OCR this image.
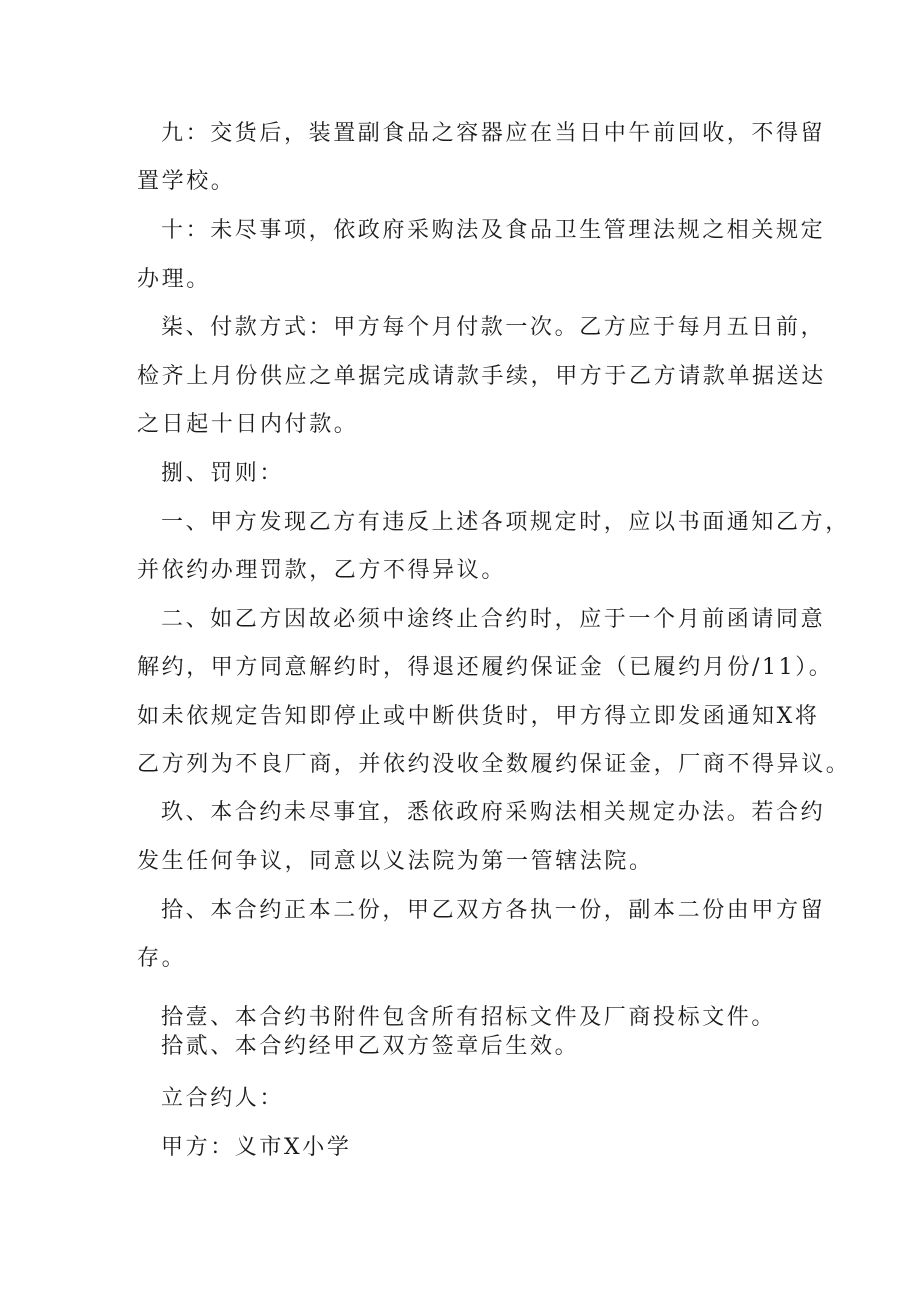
九：交货后，装置副食品之容器应在当日中午前回收，不得留
置学校。
十：未尽事项，依政府采购法及食品卫生管理法规之相关规定
办理。
柒、付款方式：甲方每个月付款一次。乙方应于每月五日前，
检齐上月份供应之单据完成请款手续，甲方于乙方请款单据送达
之日起十日内付款。
捌、罚则：
一、甲方发现乙方有违反上述各项规定时，应以书面通知乙方，
并依约办理罚款，乙方不得异议。
二、如乙方因故必须中途终止合约时，应于一个月前函请同意
解约，甲方同意解约时，得退还履约保证金（已履约月份/11）。
如未依规定告知即停止或中断供货时，甲方得立即发函通知X将
乙方列为不良厂商，并依约没收全数履约保证金，厂商不得异议。
玖、本合约未尽事宜，悉依政府采购法相关规定办法。若合约
发生任何争议，同意以义法院为第一管辖法院。
拾、本合约正本二份，甲乙双方各执一份，副本二份由甲方留
存。
拾壹、本合约书附件包含所有招标文件及厂商投标文件。
拾贰、本合约经甲乙双方签章后生效。
立合约人：
甲方：义市X小学
